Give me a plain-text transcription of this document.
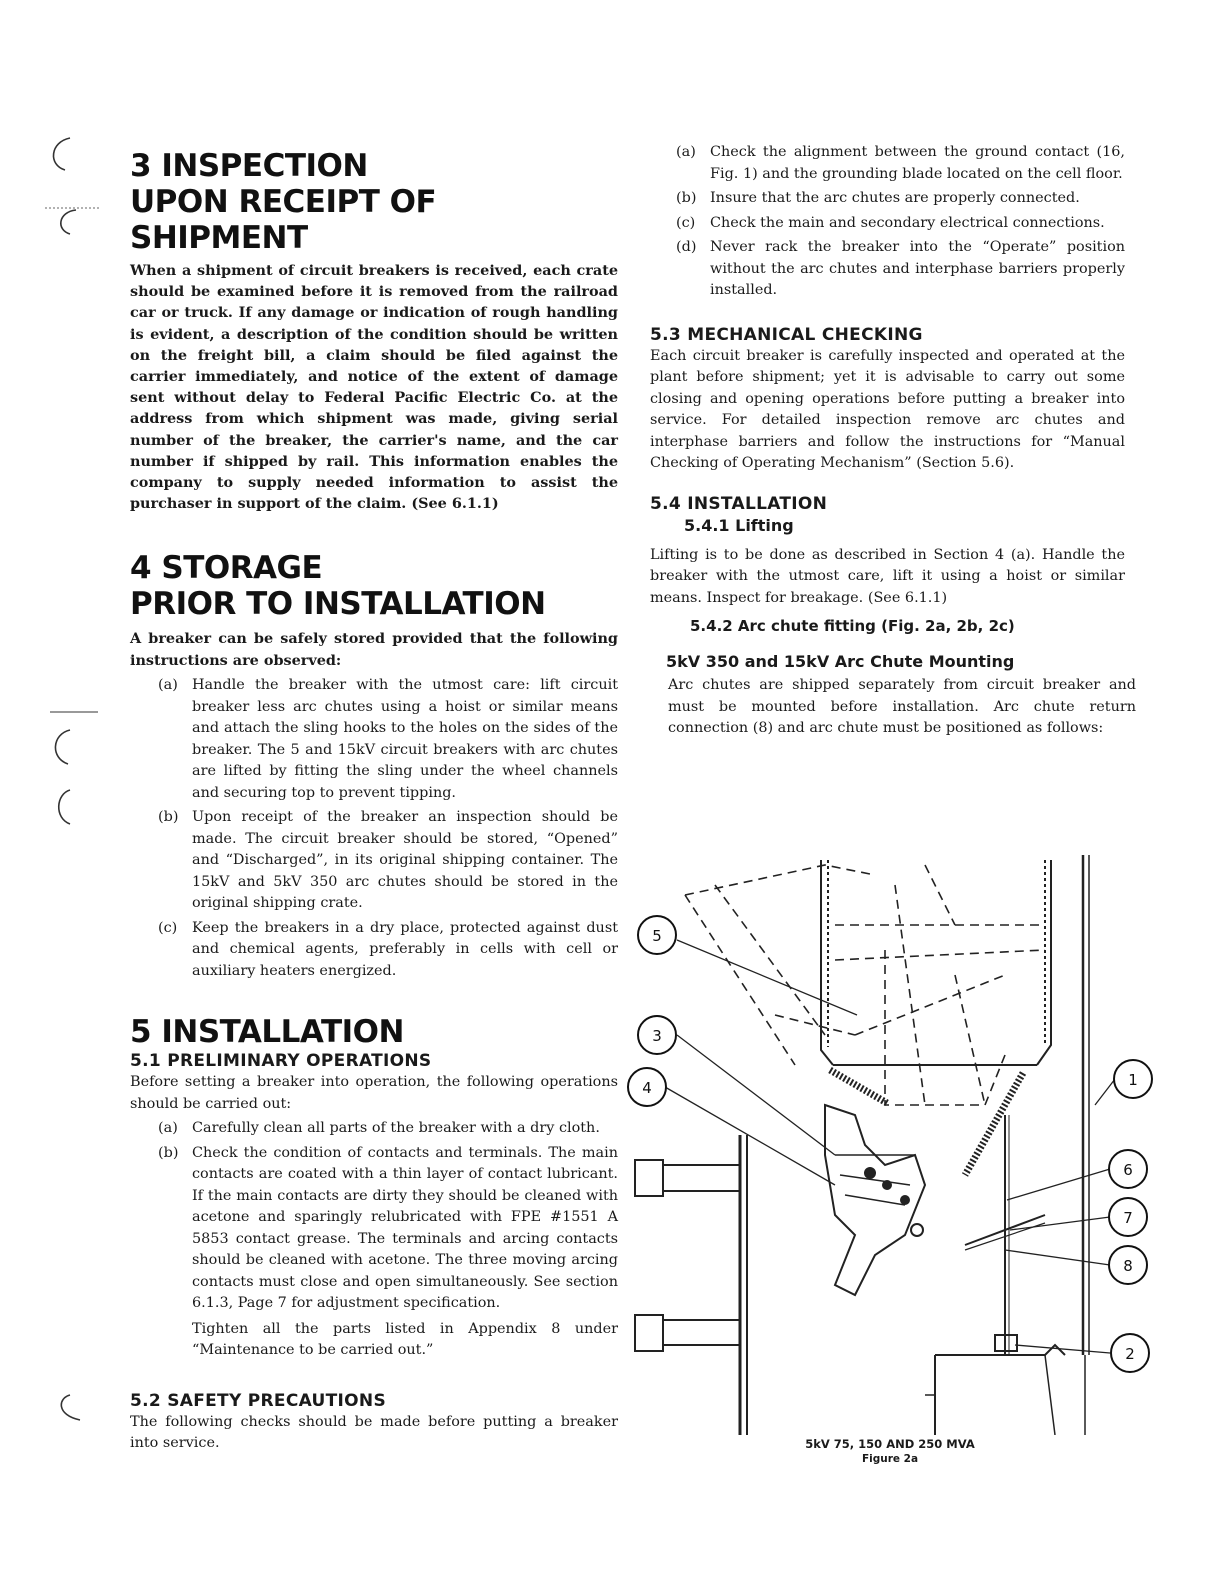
3 INSPECTION
UPON RECEIPT OF SHIPMENT

When a shipment of circuit breakers is received, each crate should be examined before it is removed from the railroad car or truck. If any damage or indication of rough handling is evident, a description of the condition should be written on the freight bill, a claim should be filed against the carrier immediately, and notice of the extent of damage sent without delay to Federal Pacific Electric Co. at the address from which shipment was made, giving serial number of the breaker, the carrier's name, and the car number if shipped by rail. This information enables the company to supply needed information to assist the purchaser in support of the claim. (See 6.1.1)

4 STORAGE
PRIOR TO INSTALLATION

A breaker can be safely stored provided that the following instructions are observed:

(a) Handle the breaker with the utmost care: lift circuit breaker less arc chutes using a hoist or similar means and attach the sling hooks to the holes on the sides of the breaker. The 5 and 15kV circuit breakers with arc chutes are lifted by fitting the sling under the wheel channels and securing top to prevent tipping.
(b) Upon receipt of the breaker an inspection should be made. The circuit breaker should be stored, “Opened” and “Discharged”, in its original shipping container. The 15kV and 5kV 350 arc chutes should be stored in the original shipping crate.
(c) Keep the breakers in a dry place, protected against dust and chemical agents, preferably in cells with cell or auxiliary heaters energized.
5 INSTALLATION
5.1 PRELIMINARY OPERATIONS

Before setting a breaker into operation, the following operations should be carried out:

(a) Carefully clean all parts of the breaker with a dry cloth.
(b) Check the condition of contacts and terminals. The main contacts are coated with a thin layer of contact lubricant. If the main contacts are dirty they should be cleaned with acetone and sparingly relubricated with FPE #1551 A 5853 contact grease. The terminals and arcing contacts should be cleaned with acetone. The three moving arcing contacts must close and open simultaneously. See section 6.1.3, Page 7 for adjustment specification.

Tighten all the parts listed in Appendix 8 under “Maintenance to be carried out.”

5.2 SAFETY PRECAUTIONS

The following checks should be made before putting a breaker into service.

(a) Check the alignment between the ground contact (16, Fig. 1) and the grounding blade located on the cell floor.
(b) Insure that the arc chutes are properly connected.
(c) Check the main and secondary electrical connections.
(d) Never rack the breaker into the “Operate” position without the arc chutes and interphase barriers properly installed.
5.3 MECHANICAL CHECKING

Each circuit breaker is carefully inspected and operated at the plant before shipment; yet it is advisable to carry out some closing and opening operations before putting a breaker into service. For detailed inspection remove arc chutes and interphase barriers and follow the instructions for “Manual Checking of Operating Mechanism” (Section 5.6).

5.4 INSTALLATION
5.4.1 Lifting

Lifting is to be done as described in Section 4 (a). Handle the breaker with the utmost care, lift it using a hoist or similar means. Inspect for breakage. (See 6.1.1)

5.4.2 Arc chute fitting (Fig. 2a, 2b, 2c)
5kV 350 and 15kV Arc Chute Mounting

Arc chutes are shipped separately from circuit breaker and must be mounted before installation. Arc chute return connection (8) and arc chute must be positioned as follows:

5
3
4	1
6
7
8
2
5kV 75, 150 AND 250 MVA
Figure 2a
